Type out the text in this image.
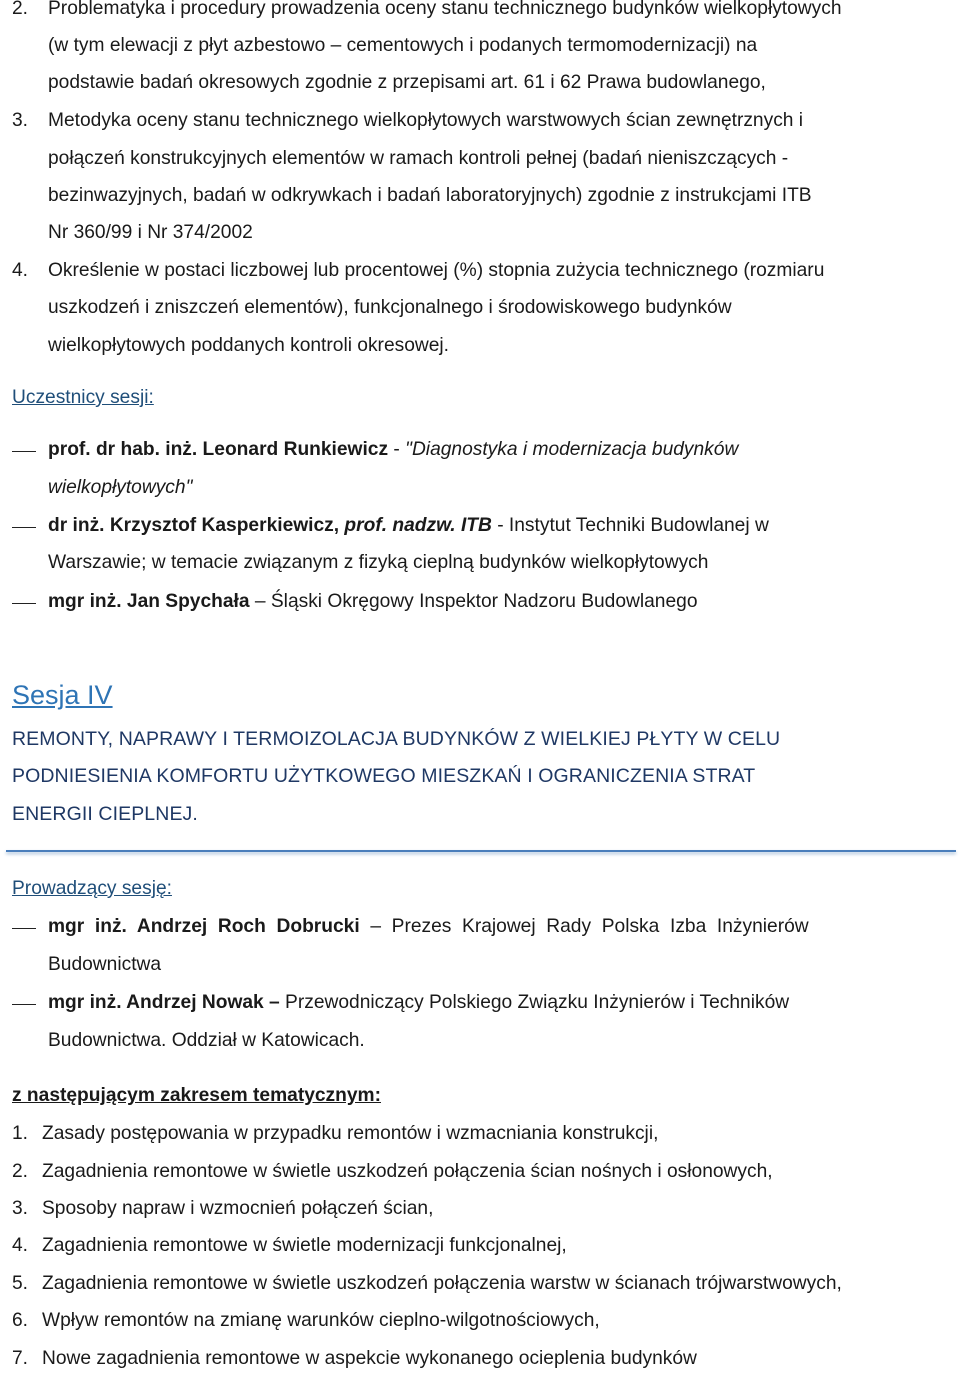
2. Problematyka i procedury prowadzenia oceny stanu technicznego budynków wielkopłytowych
(w tym elewacji z płyt azbestowo – cementowych i podanych termomodernizacji) na
podstawie badań okresowych zgodnie z przepisami art. 61 i 62 Prawa budowlanego,
3. Metodyka oceny stanu technicznego wielkopłytowych warstwowych ścian zewnętrznych i
połączeń konstrukcyjnych elementów w ramach kontroli pełnej (badań nieniszczących -
bezinwazyjnych, badań w odkrywkach i badań laboratoryjnych) zgodnie z instrukcjami ITB
Nr 360/99 i Nr 374/2002
4. Określenie w postaci liczbowej lub procentowej (%) stopnia zużycia technicznego (rozmiaru
uszkodzeń i zniszczeń elementów), funkcjonalnego i środowiskowego budynków
wielkopłytowych poddanych kontroli okresowej.
Uczestnicy sesji:
prof. dr hab. inż. Leonard Runkiewicz - "Diagnostyka i modernizacja budynków
wielkopłytowych"
dr inż. Krzysztof Kasperkiewicz, prof. nadzw. ITB - Instytut Techniki Budowlanej w
Warszawie; w temacie związanym z fizyką cieplną budynków wielkopłytowych
mgr inż. Jan Spychała – Śląski Okręgowy Inspektor Nadzoru Budowlanego
Sesja IV
REMONTY, NAPRAWY I TERMOIZOLACJA BUDYNKÓW Z WIELKIEJ PŁYTY W CELU
PODNIESIENIA KOMFORTU UŻYTKOWEGO MIESZKAŃ I OGRANICZENIA STRAT
ENERGII CIEPLNEJ.
Prowadzący sesję:
mgr  inż.  Andrzej  Roch  Dobrucki  –  Prezes  Krajowej  Rady  Polska  Izba  Inżynierów
Budownictwa
mgr inż. Andrzej Nowak – Przewodniczący Polskiego Związku Inżynierów i Techników
Budownictwa. Oddział w Katowicach.
z następującym zakresem tematycznym:
1. Zasady postępowania w przypadku remontów i wzmacniania konstrukcji,
2. Zagadnienia remontowe w świetle uszkodzeń połączenia ścian nośnych i osłonowych,
3. Sposoby napraw i wzmocnień połączeń ścian,
4. Zagadnienia remontowe w świetle modernizacji funkcjonalnej,
5. Zagadnienia remontowe w świetle uszkodzeń połączenia warstw w ścianach trójwarstwowych,
6. Wpływ remontów na zmianę warunków cieplno-wilgotnościowych,
7. Nowe zagadnienia remontowe w aspekcie wykonanego ocieplenia budynków
